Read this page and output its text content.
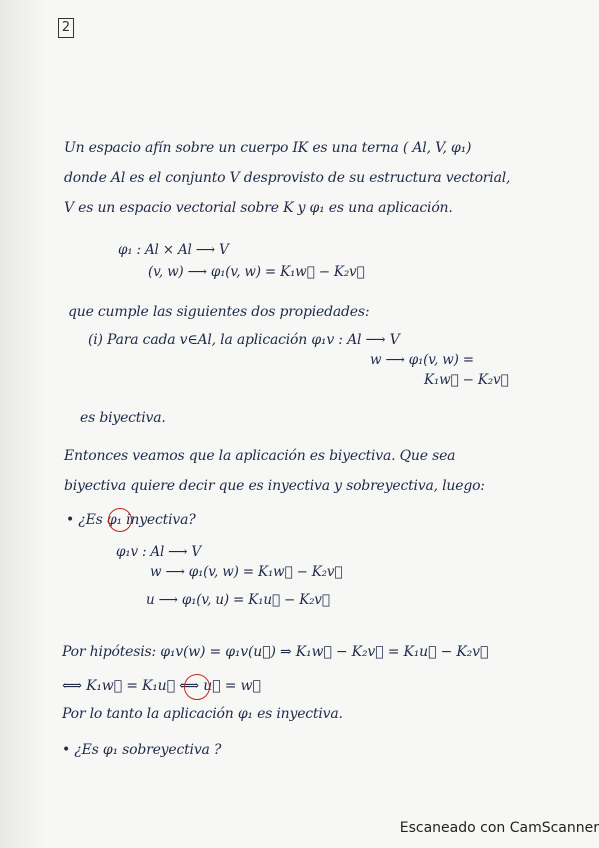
2
Un espacio afín sobre un cuerpo IK es una terna ( Al, V, φ₁)
donde Al es el conjunto V desprovisto de su estructura vectorial,
V es un espacio vectorial sobre K y φ₁ es una aplicación.
φ₁ : Al × Al ⟶ V
(v, w) ⟶ φ₁(v, w) = K₁w⃗ − K₂v⃗
que cumple las siguientes dos propiedades:
(i) Para cada v∈Al, la aplicación φ₁v : Al ⟶ V
w ⟶ φ₁(v, w) =
K₁w⃗ − K₂v⃗
es biyectiva.
Entonces veamos que la aplicación es biyectiva. Que sea
biyectiva quiere decir que es inyectiva y sobreyectiva, luego:
• ¿Es φ₁ inyectiva?
φ₁v : Al ⟶ V
w ⟶ φ₁(v, w) = K₁w⃗ − K₂v⃗
u ⟶ φ₁(v, u) = K₁u⃗ − K₂v⃗
Por hipótesis: φ₁v(w) = φ₁v(u⃗) ⇒ K₁w⃗ − K₂v⃗ = K₁u⃗ − K₂v⃗
⟺ K₁w⃗ = K₁u⃗ ⟺ u⃗ = w⃗
Por lo tanto la aplicación φ₁ es inyectiva.
• ¿Es φ₁ sobreyectiva ?
Escaneado con CamScanner
